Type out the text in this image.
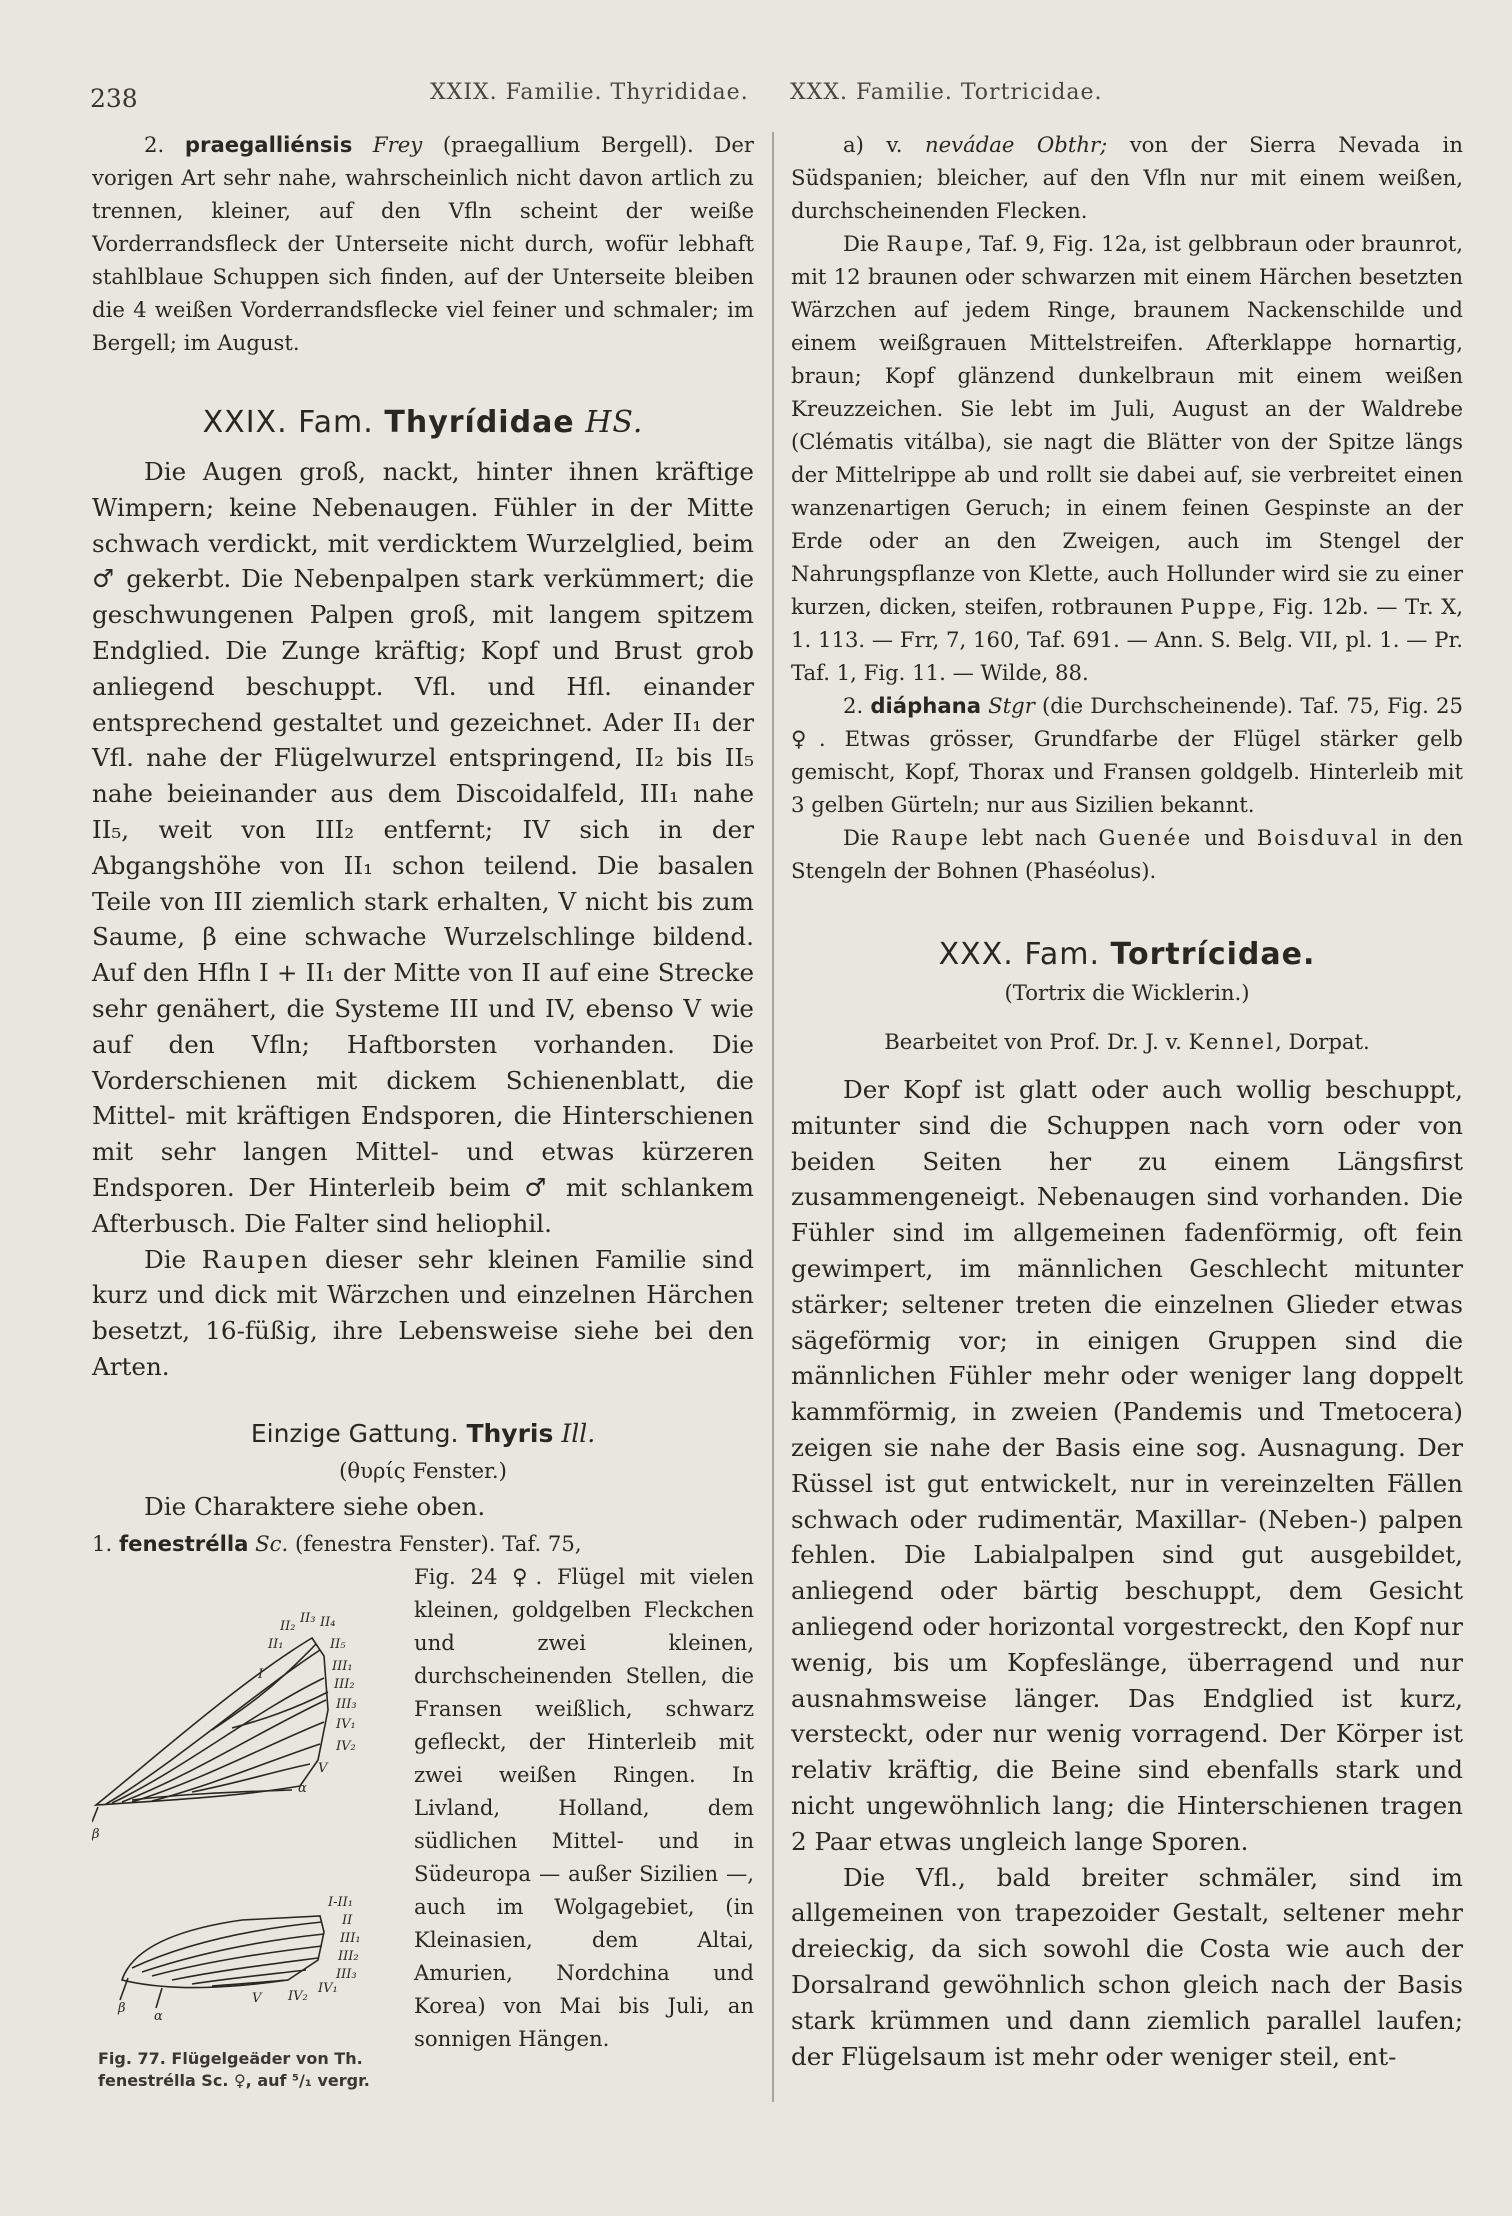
238	XXIX. Familie. Thyrididae. XXX. Familie. Tortricidae.

2. praegalliénsis Frey (praegallium Bergell). Der vorigen Art sehr nahe, wahrscheinlich nicht davon artlich zu trennen, kleiner, auf den Vfln scheint der weiße Vorderrandsfleck der Unterseite nicht durch, wofür lebhaft stahlblaue Schuppen sich finden, auf der Unterseite bleiben die 4 weißen Vorderrandsflecke viel feiner und schmaler; im Bergell; im August.

XXIX. Fam. Thyrídidae HS.

Die Augen groß, nackt, hinter ihnen kräftige Wimpern; keine Nebenaugen. Fühler in der Mitte schwach verdickt, mit verdicktem Wurzelglied, beim ♂ gekerbt. Die Nebenpalpen stark verkümmert; die geschwungenen Palpen groß, mit langem spitzem Endglied. Die Zunge kräftig; Kopf und Brust grob anliegend beschuppt. Vfl. und Hfl. einander entsprechend gestaltet und gezeichnet. Ader II₁ der Vfl. nahe der Flügelwurzel entspringend, II₂ bis II₅ nahe beieinander aus dem Discoidalfeld, III₁ nahe II₅, weit von III₂ entfernt; IV sich in der Abgangshöhe von II₁ schon teilend. Die basalen Teile von III ziemlich stark erhalten, V nicht bis zum Saume, β eine schwache Wurzelschlinge bildend. Auf den Hfln I + II₁ der Mitte von II auf eine Strecke sehr genähert, die Systeme III und IV, ebenso V wie auf den Vfln; Haftborsten vorhanden. Die Vorderschienen mit dickem Schienenblatt, die Mittel- mit kräftigen Endsporen, die Hinterschienen mit sehr langen Mittel- und etwas kürzeren Endsporen. Der Hinterleib beim ♂ mit schlankem Afterbusch. Die Falter sind heliophil.

Die Raupen dieser sehr kleinen Familie sind kurz und dick mit Wärzchen und einzelnen Härchen besetzt, 16-füßig, ihre Lebensweise siehe bei den Arten.

Einzige Gattung. Thyris Ill.

(θυρίς Fenster.)

Die Charaktere siehe oben.

1. fenestrélla Sc. (fenestra Fenster). Taf. 75,

II₂
II₃ II₄
II₁	II₅
III₁
III₂
III₃
IV₁
IV₂
I
V
α
β
I-II₁
II
III₁
III₂
III₃
IV₁
IV₂
V
β
α

Fig. 24 ♀. Flügel mit vielen kleinen, goldgelben Fleckchen und zwei kleinen, durchscheinenden Stellen, die Fransen weißlich, schwarz gefleckt, der Hinterleib mit zwei weißen Ringen. In Livland, Holland, dem südlichen Mittel- und in Südeuropa — außer Sizilien —, auch im Wolgagebiet, (in Kleinasien, dem Altai, Amurien, Nordchina und Korea) von Mai bis Juli, an sonnigen Hängen.

Fig. 77. Flügelgeäder von Th.
fenestrélla Sc. ♀, auf ⁵/₁ vergr.

a) v. nevádae Obthr; von der Sierra Nevada in Südspanien; bleicher, auf den Vfln nur mit einem weißen, durchscheinenden Flecken.

Die Raupe, Taf. 9, Fig. 12a, ist gelbbraun oder braunrot, mit 12 braunen oder schwarzen mit einem Härchen besetzten Wärzchen auf jedem Ringe, braunem Nackenschilde und einem weißgrauen Mittelstreifen. Afterklappe hornartig, braun; Kopf glänzend dunkelbraun mit einem weißen Kreuzzeichen. Sie lebt im Juli, August an der Waldrebe (Clématis vitálba), sie nagt die Blätter von der Spitze längs der Mittelrippe ab und rollt sie dabei auf, sie verbreitet einen wanzenartigen Geruch; in einem feinen Gespinste an der Erde oder an den Zweigen, auch im Stengel der Nahrungspflanze von Klette, auch Hollunder wird sie zu einer kurzen, dicken, steifen, rotbraunen Puppe, Fig. 12b. — Tr. X, 1. 113. — Frr, 7, 160, Taf. 691. — Ann. S. Belg. VII, pl. 1. — Pr. Taf. 1, Fig. 11. — Wilde, 88.

2. diáphana Stgr (die Durchscheinende). Taf. 75, Fig. 25 ♀. Etwas grösser, Grundfarbe der Flügel stärker gelb gemischt, Kopf, Thorax und Fransen goldgelb. Hinterleib mit 3 gelben Gürteln; nur aus Sizilien bekannt.

Die Raupe lebt nach Guenée und Boisduval in den Stengeln der Bohnen (Phaséolus).

XXX. Fam. Tortrícidae.

(Tortrix die Wicklerin.)

Bearbeitet von Prof. Dr. J. v. Kennel, Dorpat.

Der Kopf ist glatt oder auch wollig beschuppt, mitunter sind die Schuppen nach vorn oder von beiden Seiten her zu einem Längsfirst zusammengeneigt. Nebenaugen sind vorhanden. Die Fühler sind im allgemeinen fadenförmig, oft fein gewimpert, im männlichen Geschlecht mitunter stärker; seltener treten die einzelnen Glieder etwas sägeförmig vor; in einigen Gruppen sind die männlichen Fühler mehr oder weniger lang doppelt kammförmig, in zweien (Pandemis und Tmetocera) zeigen sie nahe der Basis eine sog. Ausnagung. Der Rüssel ist gut entwickelt, nur in vereinzelten Fällen schwach oder rudimentär, Maxillar- (Neben-) palpen fehlen. Die Labialpalpen sind gut ausgebildet, anliegend oder bärtig beschuppt, dem Gesicht anliegend oder horizontal vorgestreckt, den Kopf nur wenig, bis um Kopfeslänge, überragend und nur ausnahmsweise länger. Das Endglied ist kurz, versteckt, oder nur wenig vorragend. Der Körper ist relativ kräftig, die Beine sind ebenfalls stark und nicht ungewöhnlich lang; die Hinterschienen tragen 2 Paar etwas ungleich lange Sporen.

Die Vfl., bald breiter schmäler, sind im allgemeinen von trapezoider Gestalt, seltener mehr dreieckig, da sich sowohl die Costa wie auch der Dorsalrand gewöhnlich schon gleich nach der Basis stark krümmen und dann ziemlich parallel laufen; der Flügelsaum ist mehr oder weniger steil, ent-
